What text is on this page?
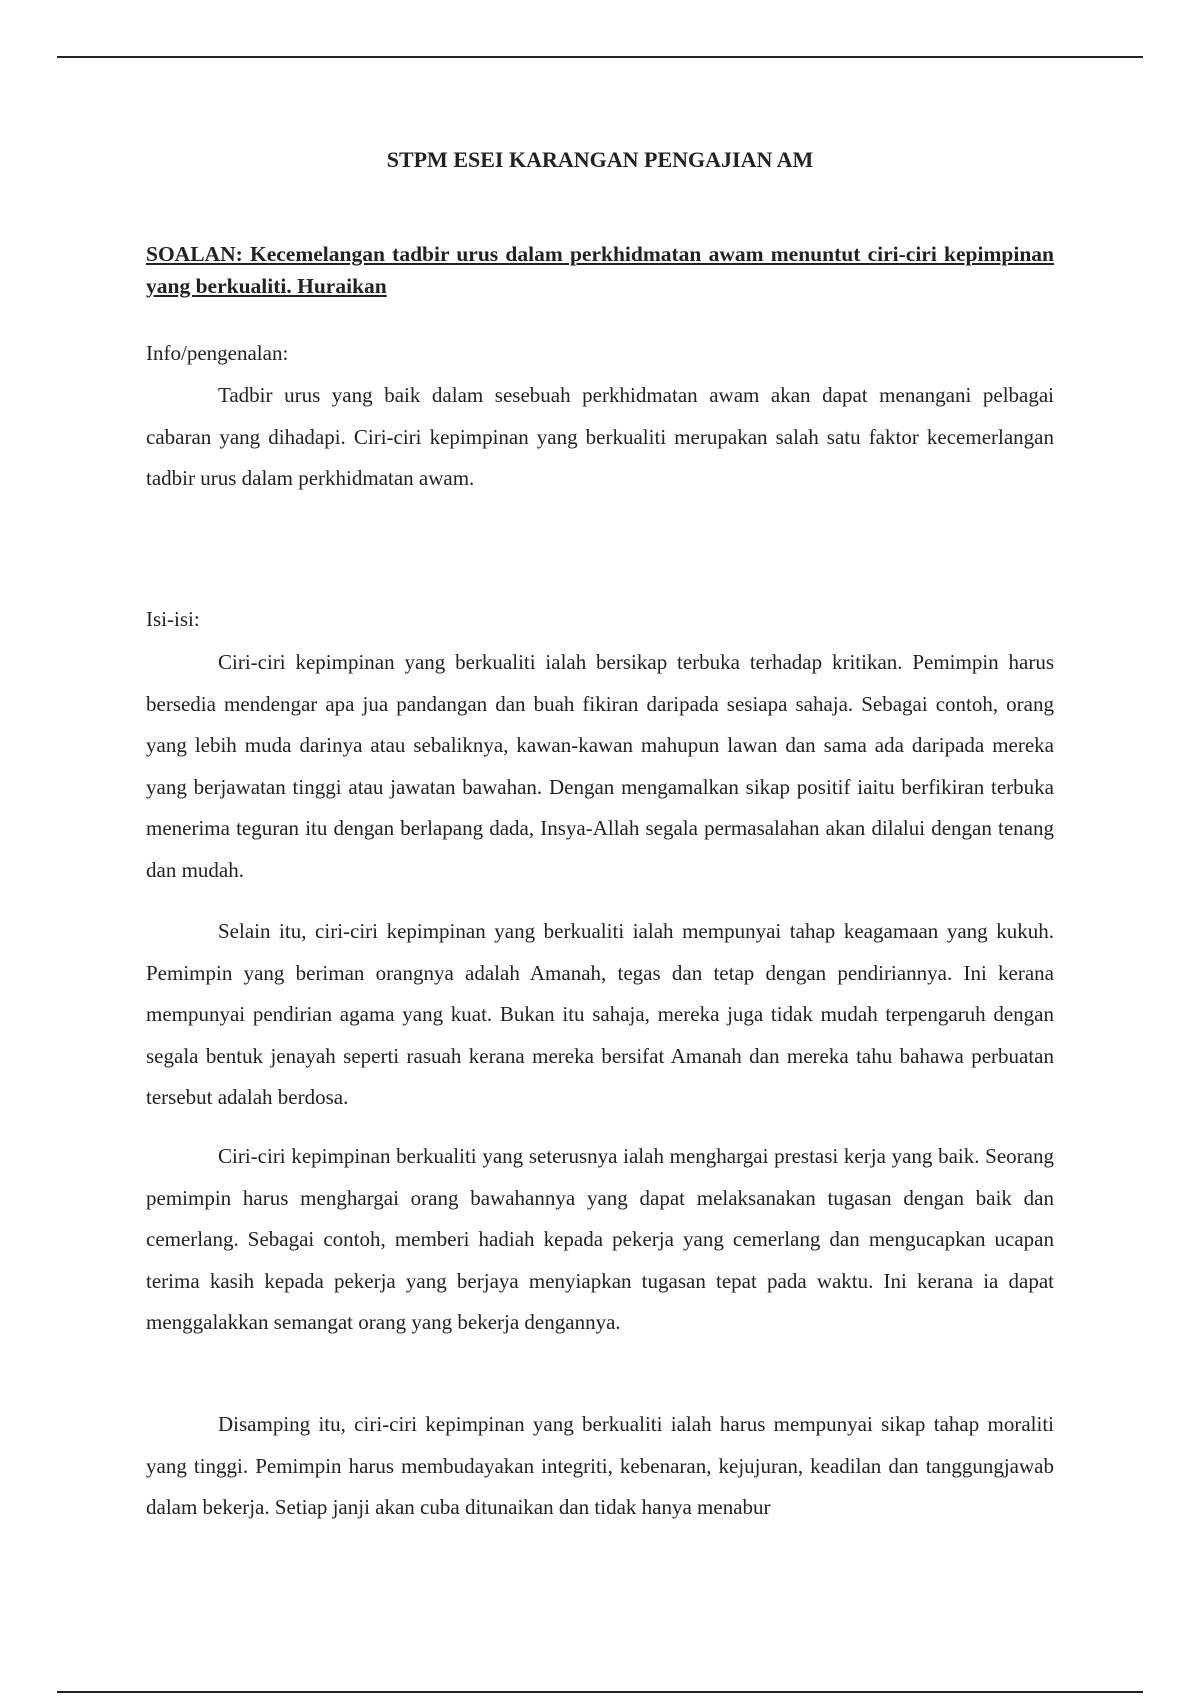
STPM ESEI KARANGAN PENGAJIAN AM

SOALAN: Kecemelangan tadbir urus dalam perkhidmatan awam menuntut ciri-ciri kepimpinan yang berkualiti. Huraikan

Info/pengenalan:

Tadbir urus yang baik dalam sesebuah perkhidmatan awam akan dapat menangani pelbagai cabaran yang dihadapi. Ciri-ciri kepimpinan yang berkualiti merupakan salah satu faktor kecemerlangan tadbir urus dalam perkhidmatan awam.

Isi-isi:

Ciri-ciri kepimpinan yang berkualiti ialah bersikap terbuka terhadap kritikan. Pemimpin harus bersedia mendengar apa jua pandangan dan buah fikiran daripada sesiapa sahaja. Sebagai contoh, orang yang lebih muda darinya atau sebaliknya, kawan-kawan mahupun lawan dan sama ada daripada mereka yang berjawatan tinggi atau jawatan bawahan. Dengan mengamalkan sikap positif iaitu berfikiran terbuka menerima teguran itu dengan berlapang dada, Insya-Allah segala permasalahan akan dilalui dengan tenang dan mudah.

Selain itu, ciri-ciri kepimpinan yang berkualiti ialah mempunyai tahap keagamaan yang kukuh. Pemimpin yang beriman orangnya adalah Amanah, tegas dan tetap dengan pendiriannya. Ini kerana mempunyai pendirian agama yang kuat. Bukan itu sahaja, mereka juga tidak mudah terpengaruh dengan segala bentuk jenayah seperti rasuah kerana mereka bersifat Amanah dan mereka tahu bahawa perbuatan tersebut adalah berdosa.

Ciri-ciri kepimpinan berkualiti yang seterusnya ialah menghargai prestasi kerja yang baik. Seorang pemimpin harus menghargai orang bawahannya yang dapat melaksanakan tugasan dengan baik dan cemerlang. Sebagai contoh, memberi hadiah kepada pekerja yang cemerlang dan mengucapkan ucapan terima kasih kepada pekerja yang berjaya menyiapkan tugasan tepat pada waktu. Ini kerana ia dapat menggalakkan semangat orang yang bekerja dengannya.

Disamping itu, ciri-ciri kepimpinan yang berkualiti ialah harus mempunyai sikap tahap moraliti yang tinggi. Pemimpin harus membudayakan integriti, kebenaran, kejujuran, keadilan dan tanggungjawab dalam bekerja. Setiap janji akan cuba ditunaikan dan tidak hanya menabur
